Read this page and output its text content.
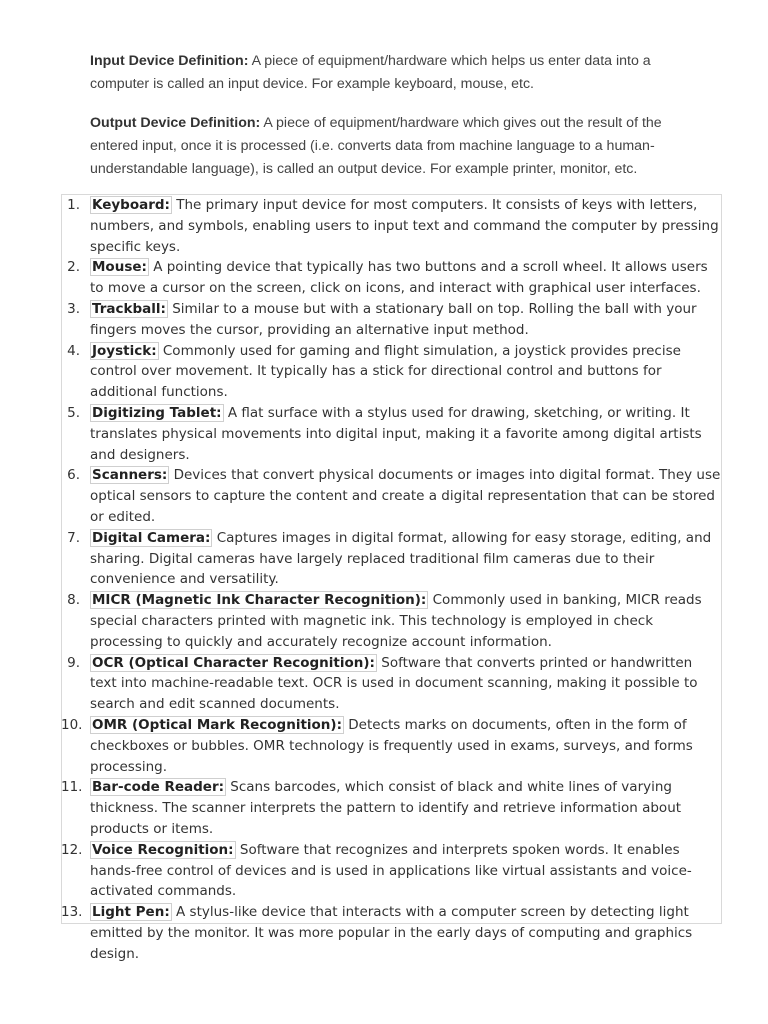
Input Device Definition: A piece of equipment/hardware which helps us enter data into a computer is called an input device. For example keyboard, mouse, etc.

Output Device Definition: A piece of equipment/hardware which gives out the result of the entered input, once it is processed (i.e. converts data from machine language to a human-understandable language), is called an output device. For example printer, monitor, etc.

1. Keyboard: The primary input device for most computers. It consists of keys with letters, numbers, and symbols, enabling users to input text and command the computer by pressing specific keys.
2. Mouse: A pointing device that typically has two buttons and a scroll wheel. It allows users to move a cursor on the screen, click on icons, and interact with graphical user interfaces.
3. Trackball: Similar to a mouse but with a stationary ball on top. Rolling the ball with your fingers moves the cursor, providing an alternative input method.
4. Joystick: Commonly used for gaming and flight simulation, a joystick provides precise control over movement. It typically has a stick for directional control and buttons for additional functions.
5. Digitizing Tablet: A flat surface with a stylus used for drawing, sketching, or writing. It translates physical movements into digital input, making it a favorite among digital artists and designers.
6. Scanners: Devices that convert physical documents or images into digital format. They use optical sensors to capture the content and create a digital representation that can be stored or edited.
7. Digital Camera: Captures images in digital format, allowing for easy storage, editing, and sharing. Digital cameras have largely replaced traditional film cameras due to their convenience and versatility.
8. MICR (Magnetic Ink Character Recognition): Commonly used in banking, MICR reads special characters printed with magnetic ink. This technology is employed in check processing to quickly and accurately recognize account information.
9. OCR (Optical Character Recognition): Software that converts printed or handwritten text into machine-readable text. OCR is used in document scanning, making it possible to search and edit scanned documents.
10. OMR (Optical Mark Recognition): Detects marks on documents, often in the form of checkboxes or bubbles. OMR technology is frequently used in exams, surveys, and forms processing.
11. Bar-code Reader: Scans barcodes, which consist of black and white lines of varying thickness. The scanner interprets the pattern to identify and retrieve information about products or items.
12. Voice Recognition: Software that recognizes and interprets spoken words. It enables hands-free control of devices and is used in applications like virtual assistants and voice-activated commands.
13. Light Pen: A stylus-like device that interacts with a computer screen by detecting light emitted by the monitor. It was more popular in the early days of computing and graphics design.
